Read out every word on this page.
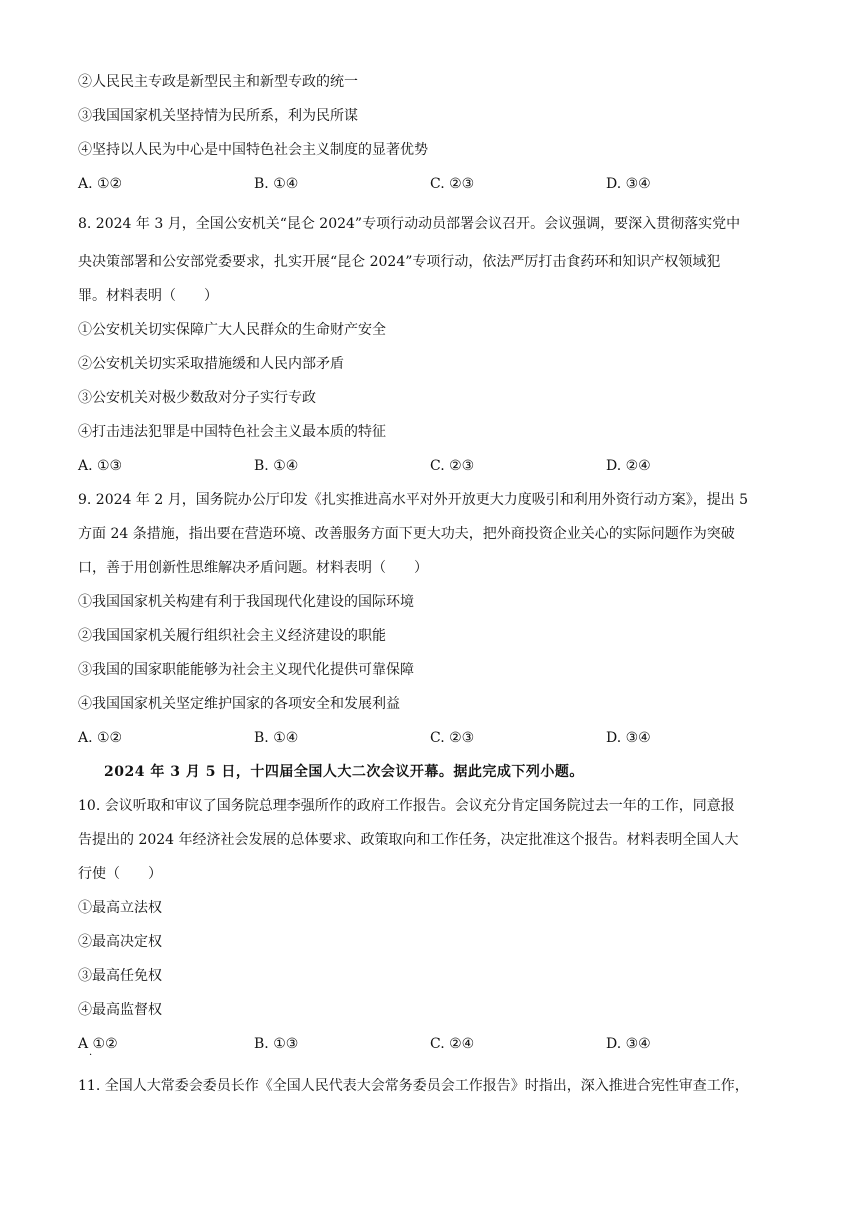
②人民民主专政是新型民主和新型专政的统一
③我国国家机关坚持情为民所系，利为民所谋
④坚持以人民为中心是中国特色社会主义制度的显著优势
A. ①②	B. ①④	C. ②③	D. ③④
8. 2024 年 3 月，全国公安机关“昆仑 2024”专项行动动员部署会议召开。会议强调，要深入贯彻落实党中
央决策部署和公安部党委要求，扎实开展“昆仑 2024”专项行动，依法严厉打击食药环和知识产权领域犯
罪。材料表明（　　）
①公安机关切实保障广大人民群众的生命财产安全
②公安机关切实采取措施缓和人民内部矛盾
③公安机关对极少数敌对分子实行专政
④打击违法犯罪是中国特色社会主义最本质的特征
A. ①③	B. ①④	C. ②③	D. ②④
9. 2024 年 2 月，国务院办公厅印发《扎实推进高水平对外开放更大力度吸引和利用外资行动方案》，提出 5
方面 24 条措施，指出要在营造环境、改善服务方面下更大功夫，把外商投资企业关心的实际问题作为突破
口，善于用创新性思维解决矛盾问题。材料表明（　　）
①我国国家机关构建有利于我国现代化建设的国际环境
②我国国家机关履行组织社会主义经济建设的职能
③我国的国家职能能够为社会主义现代化提供可靠保障
④我国国家机关坚定维护国家的各项安全和发展利益
A. ①②	B. ①④	C. ②③	D. ③④
2024 年 3 月 5 日，十四届全国人大二次会议开幕。据此完成下列小题。
10. 会议听取和审议了国务院总理李强所作的政府工作报告。会议充分肯定国务院过去一年的工作，同意报
告提出的 2024 年经济社会发展的总体要求、政策取向和工作任务，决定批准这个报告。材料表明全国人大
行使（　　）
①最高立法权
②最高决定权
③最高任免权
④最高监督权
A ①②	B. ①③	C. ②④	D. ③④
·
11. 全国人大常委会委员长作《全国人民代表大会常务委员会工作报告》时指出，深入推进合宪性审查工作，
